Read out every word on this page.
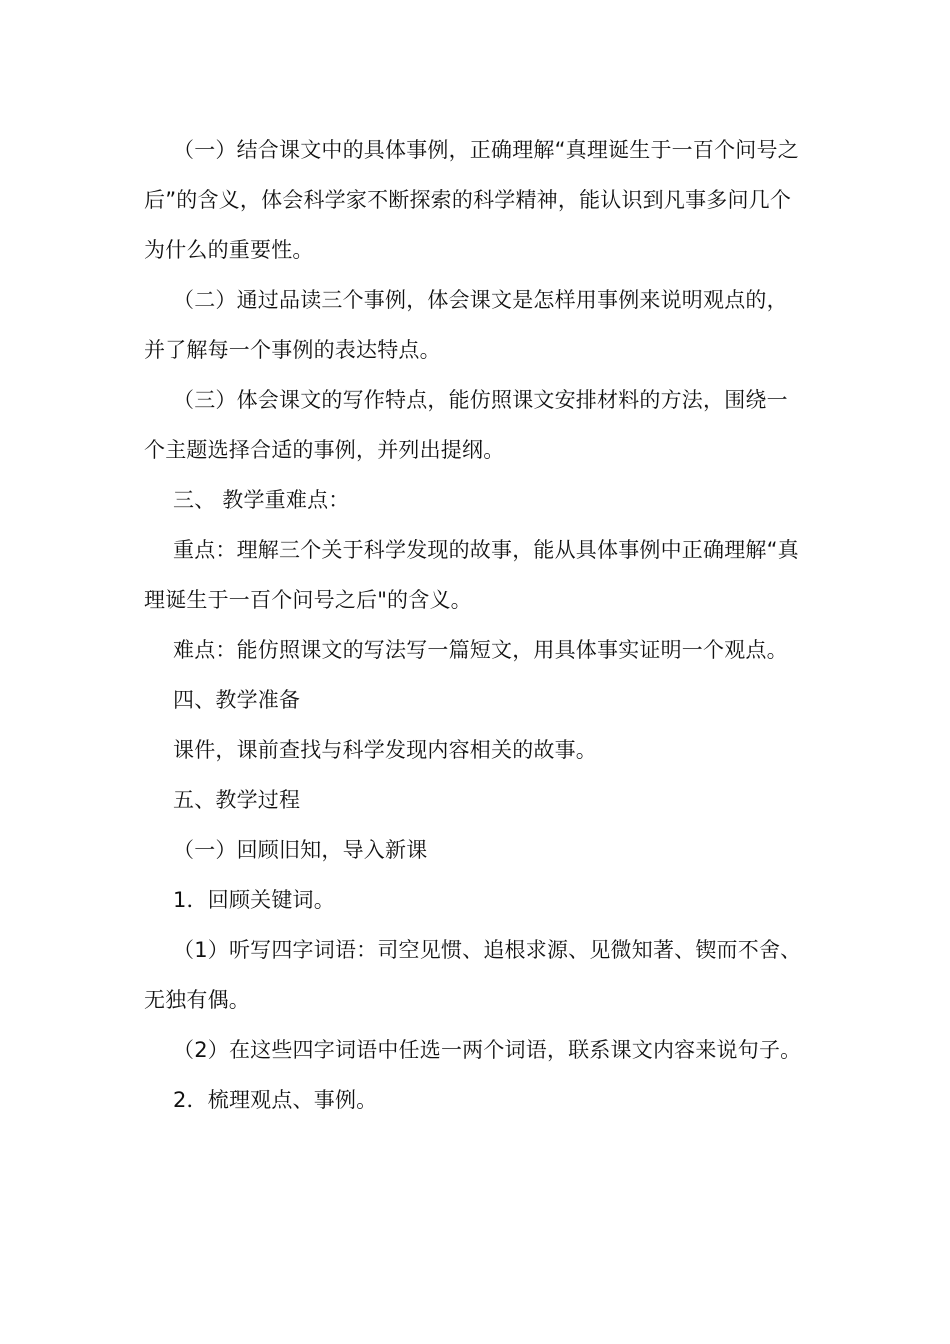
（一）结合课文中的具体事例，正确理解“真理诞生于一百个问号之后”的含义，体会科学家不断探索的科学精神，能认识到凡事多问几个为什么的重要性。

（二）通过品读三个事例，体会课文是怎样用事例来说明观点的，并了解每一个事例的表达特点。

（三）体会课文的写作特点，能仿照课文安排材料的方法，围绕一个主题选择合适的事例，并列出提纲。

三、 教学重难点：

重点：理解三个关于科学发现的故事，能从具体事例中正确理解“真理诞生于一百个问号之后"的含义。

难点：能仿照课文的写法写一篇短文，用具体事实证明一个观点。

四、教学准备

课件，课前查找与科学发现内容相关的故事。

五、教学过程

（一）回顾旧知，导入新课

1．回顾关键词。

（1）听写四字词语：司空见惯、追根求源、见微知著、锲而不舍、无独有偶。

（2）在这些四字词语中任选一两个词语，联系课文内容来说句子。

2．梳理观点、事例。
